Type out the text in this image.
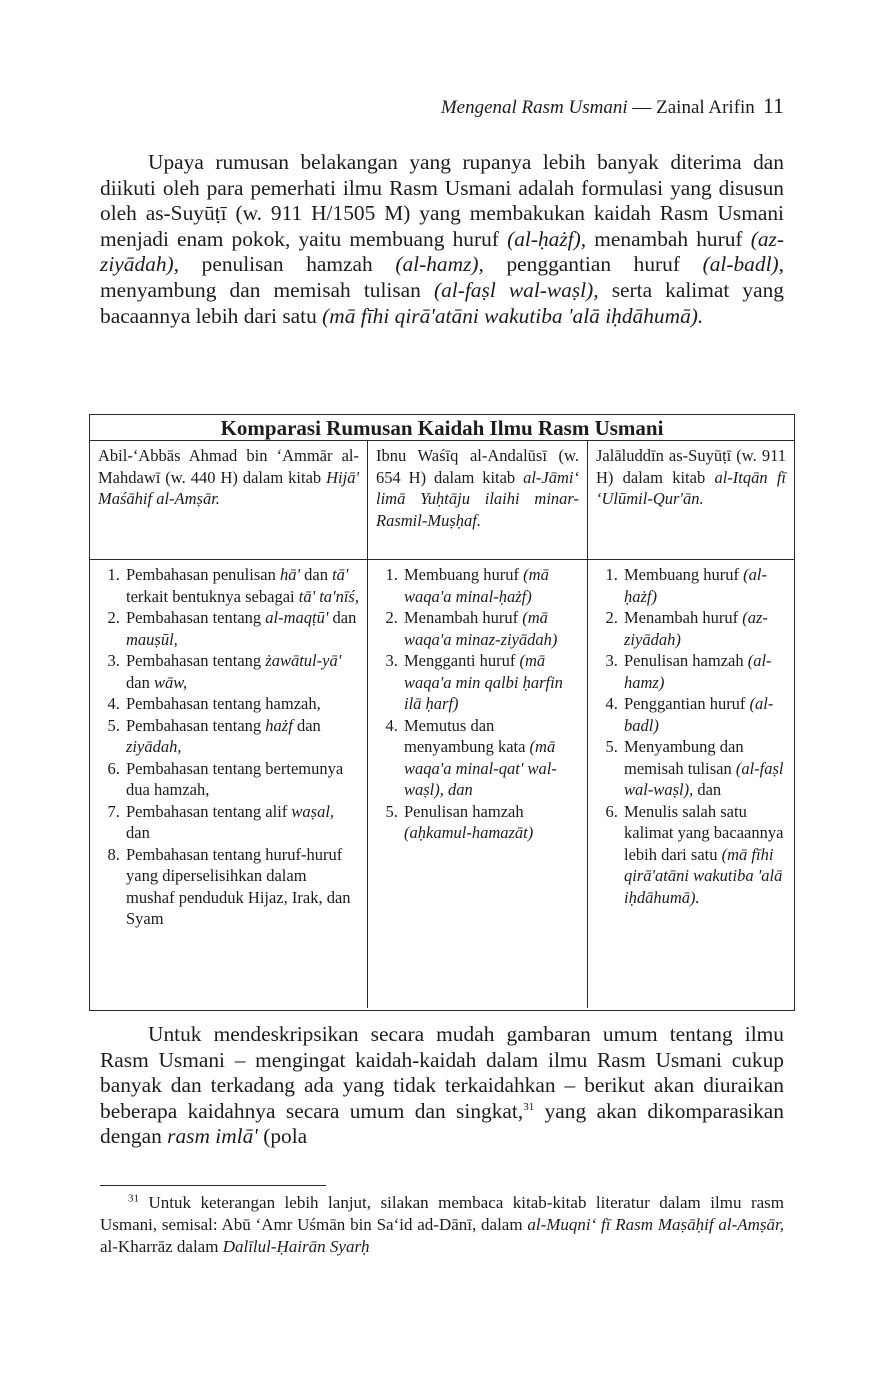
Mengenal Rasm Usmani — Zainal Arifin 11

Upaya rumusan belakangan yang rupanya lebih banyak diterima dan diikuti oleh para pemerhati ilmu Rasm Usmani adalah formulasi yang disusun oleh as-Suyūṭī (w. 911 H/1505 M) yang membakukan kaidah Rasm Usmani menjadi enam pokok, yaitu membuang huruf (al-ḥażf), menambah huruf (az-ziyādah), penulisan hamzah (al-hamz), penggantian huruf (al-badl), menyambung dan memisah tulisan (al-faṣl wal-waṣl), serta kalimat yang bacaannya lebih dari satu (mā fīhi qirā'atāni wakutiba 'alā iḥdāhumā).

Komparasi Rumusan Kaidah Ilmu Rasm Usmani
Abil-‘Abbās Ahmad bin ‘Ammār al-Mahdawī (w. 440 H) dalam kitab Hijā' Maśāhif al-Amṣār.
Ibnu Waśīq al-Andalūsī (w. 654 H) dalam kitab al-Jāmi‘ limā Yuḥtāju ilaihi minar-Rasmil-Muṣḥaf.
Jalāluddīn as-Suyūṭī (w. 911 H) dalam kitab al-Itqān fī ‘Ulūmil-Qur'ān.
1. Pembahasan penulisan hā' dan tā' terkait bentuknya sebagai tā' ta'nīś,
2. Pembahasan tentang al-maqṭū' dan mauṣūl,
3. Pembahasan tentang żawātul-yā' dan wāw,
4. Pembahasan tentang hamzah,
5. Pembahasan tentang hażf dan ziyādah,
6. Pembahasan tentang bertemunya dua hamzah,
7. Pembahasan tentang alif waṣal, dan
8. Pembahasan tentang huruf-huruf yang diperselisihkan dalam mushaf penduduk Hijaz, Irak, dan Syam
1. Membuang huruf (mā waqa'a minal-ḥażf)
2. Menambah huruf (mā waqa'a minaz-ziyādah)
3. Mengganti huruf (mā waqa'a min qalbi ḥarfin ilā ḥarf)
4. Memutus dan menyambung kata (mā waqa'a minal-qat' wal-waṣl), dan
5. Penulisan hamzah (aḥkamul-hamazāt)
1. Membuang huruf (al-ḥażf)
2. Menambah huruf (az-ziyādah)
3. Penulisan hamzah (al-hamz)
4. Penggantian huruf (al-badl)
5. Menyambung dan memisah tulisan (al-faṣl wal-waṣl), dan
6. Menulis salah satu kalimat yang bacaannya lebih dari satu (mā fīhi qirā'atāni wakutiba 'alā iḥdāhumā).

Untuk mendeskripsikan secara mudah gambaran umum tentang ilmu Rasm Usmani – mengingat kaidah-kaidah dalam ilmu Rasm Usmani cukup banyak dan terkadang ada yang tidak terkaidahkan – berikut akan diuraikan beberapa kaidahnya secara umum dan singkat,$^{31}$ yang akan dikomparasikan dengan rasm imlā' (pola

$^{31}$ Untuk keterangan lebih lanjut, silakan membaca kitab-kitab literatur dalam ilmu rasm Usmani, semisal: Abū ‘Amr Uśmān bin Sa‘id ad-Dānī, dalam al-Muqni‘ fī Rasm Maṣāḥif al-Amṣār, al-Kharrāz dalam Dalīlul-Ḥairān Syarḥ
